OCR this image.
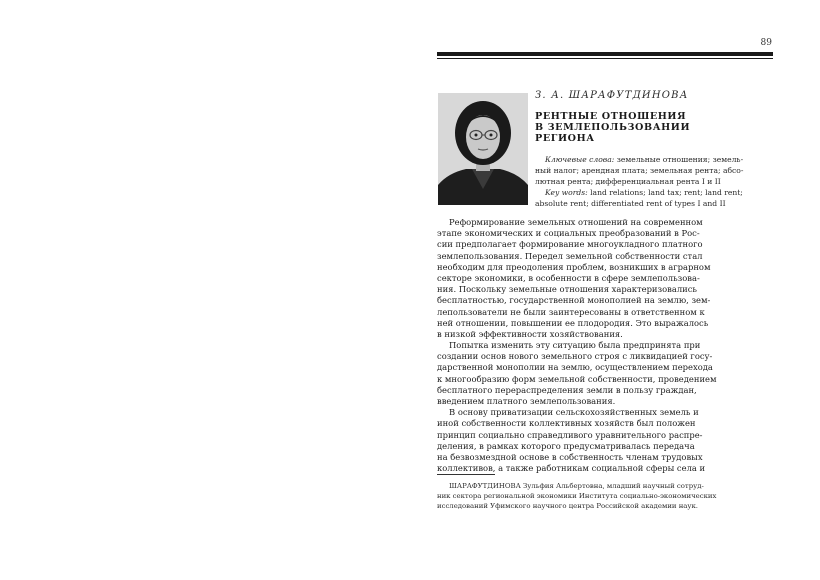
89
З. А. ШАРАФУТДИНОВА
РЕНТНЫЕ ОТНОШЕНИЯ
В ЗЕМЛЕПОЛЬЗОВАНИИ
РЕГИОНА
Ключевые слова: земельные отношения; земель-
ный налог; арендная плата; земельная рента; абсо-
лютная рента; дифференциальная рента I и II
Key words: land relations; land tax; rent; land rent;
absolute rent; differentiated rent of types I and II
Реформирование земельных отношений на современном
этапе экономических и социальных преобразований в Рос-
сии предполагает формирование многоукладного платного
землепользования. Передел земельной собственности стал
необходим для преодоления проблем, возникших в аграрном
секторе экономики, в особенности в сфере землепользова-
ния. Поскольку земельные отношения характеризовались
бесплатностью, государственной монополией на землю, зем-
лепользователи не были заинтересованы в ответственном к
ней отношении, повышении ее плодородия. Это выражалось
в низкой эффективности хозяйствования.
Попытка изменить эту ситуацию была предпринята при
создании основ нового земельного строя с ликвидацией госу-
дарственной монополии на землю, осуществлением перехода
к многообразию форм земельной собственности, проведением
бесплатного перераспределения земли в пользу граждан,
введением платного землепользования.
В основу приватизации сельскохозяйственных земель и
иной собственности коллективных хозяйств был положен
принцип социально справедливого уравнительного распре-
деления, в рамках которого предусматривалась передача
на безвозмездной основе в собственность членам трудовых
коллективов, а также работникам социальной сферы села и
ШАРАФУТДИНОВА Зульфия Альбертовна, младший научный сотруд-
ник сектора региональной экономики Института социально-экономических
исследований Уфимского научного центра Российской академии наук.
